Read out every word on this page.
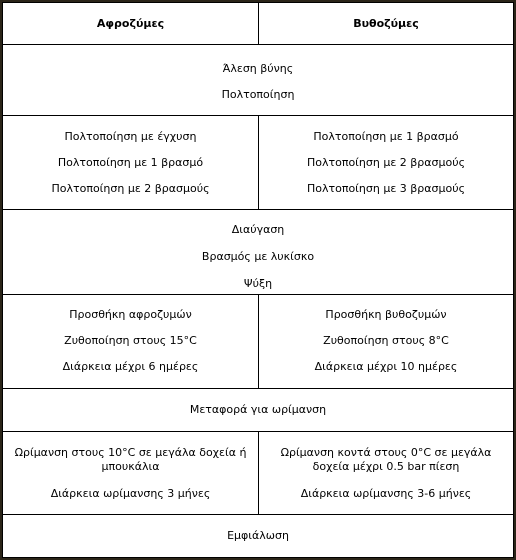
Αφροζύμες	Βυθοζύμες

Άλεση βύνης

Πολτοποίηση

Πολτοποίηση με έγχυση

Πολτοποίηση με 1 βρασμό

Πολτοποίηση με 2 βρασμούς

Πολτοποίηση με 1 βρασμό

Πολτοποίηση με 2 βρασμούς

Πολτοποίηση με 3 βρασμούς

Διαύγαση

Βρασμός με λυκίσκο

Ψύξη

Προσθήκη αφροζυμών

Ζυθοποίηση στους 15°C

Διάρκεια μέχρι 6 ημέρες

Προσθήκη βυθοζυμών

Ζυθοποίηση στους 8°C

Διάρκεια μέχρι 10 ημέρες

Μεταφορά για ωρίμανση

Ωρίμανση στους 10°C σε μεγάλα δοχεία ή μπουκάλια

Διάρκεια ωρίμανσης 3 μήνες

Ωρίμανση κοντά στους 0°C σε μεγάλα δοχεία μέχρι 0.5 bar πίεση

Διάρκεια ωρίμανσης 3-6 μήνες

Εμφιάλωση
